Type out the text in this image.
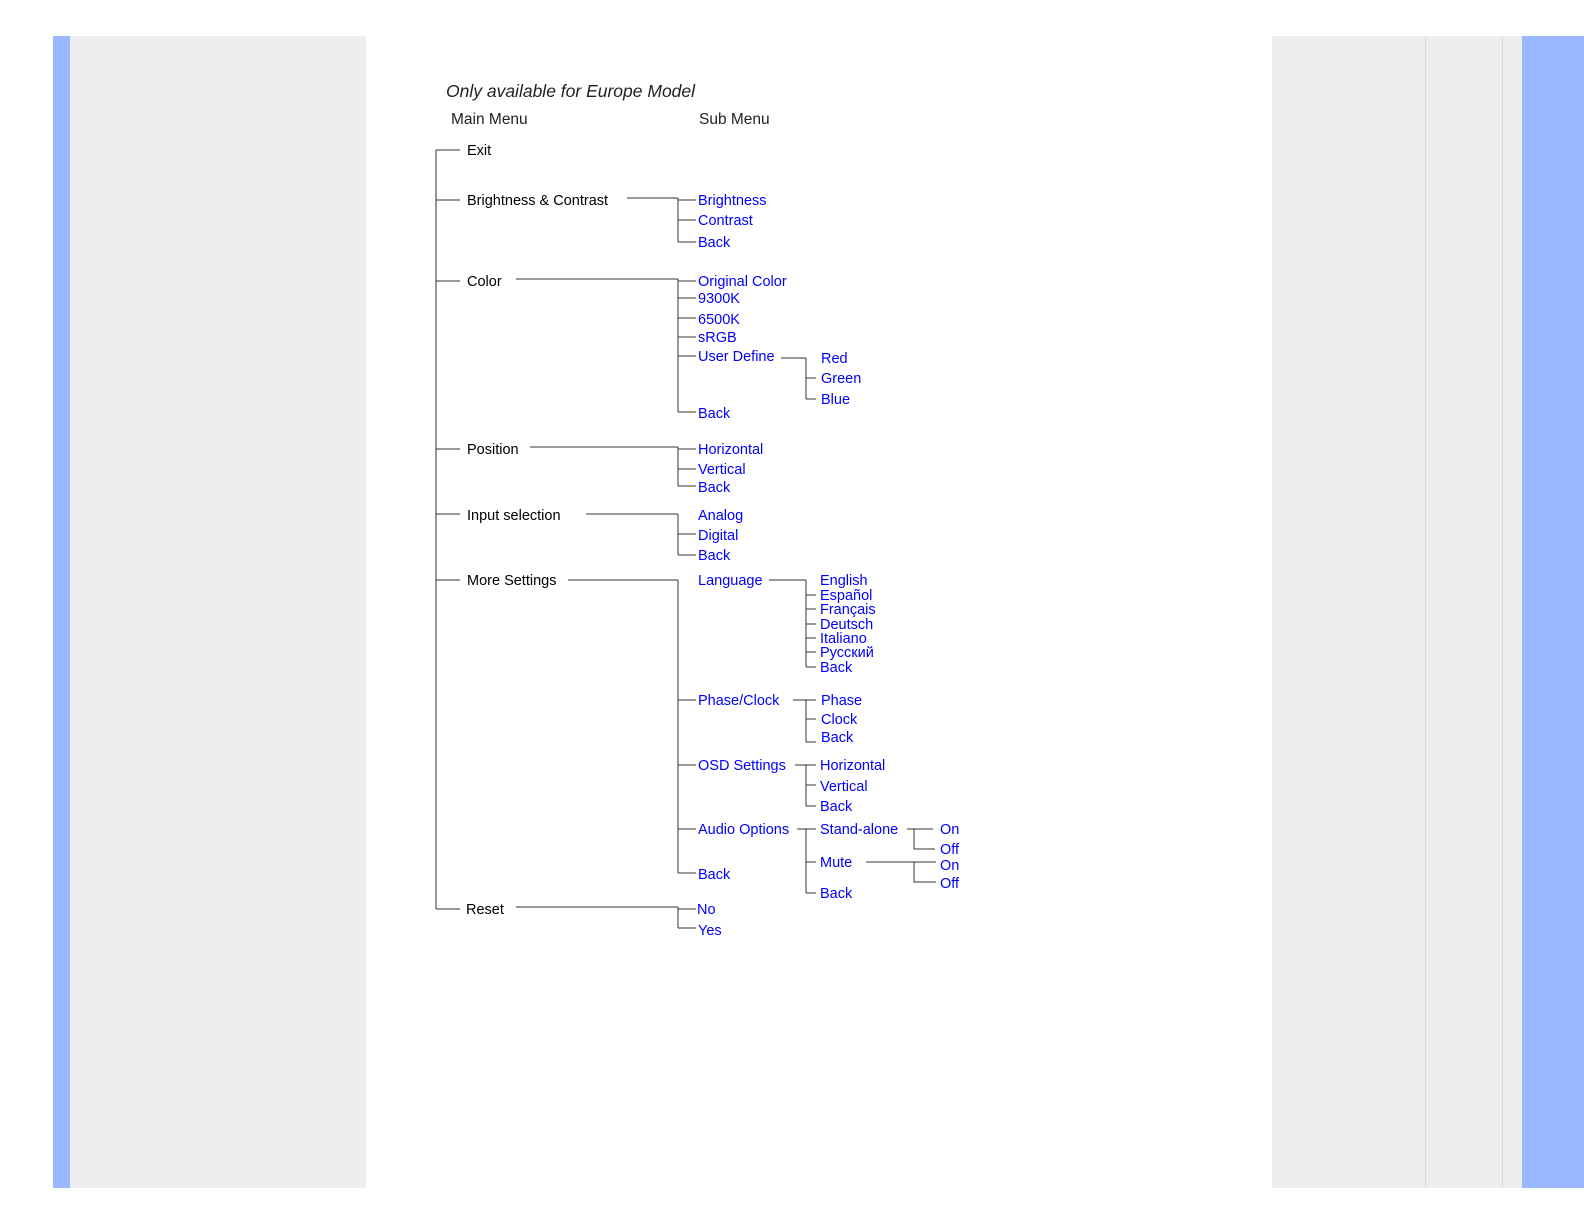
Only available for Europe Model
Main Menu	Sub Menu
Exit
Brightness & Contrast	Brightness
Contrast
Back
Color	Original Color
9300K
6500K
sRGB
User Define
Back
Red
Green
Blue
Position	Horizontal
Vertical
Back
Input selection	Analog
Digital
Back
More Settings	Language
Phase/Clock
OSD Settings
Audio Options
Back
English
Español
Français
Deutsch
Italiano
Русский
Back
Phase
Clock
Back
Horizontal
Vertical
Back
Stand-alone
Mute
Back
On
Off
On
Off
Reset	No
Yes
